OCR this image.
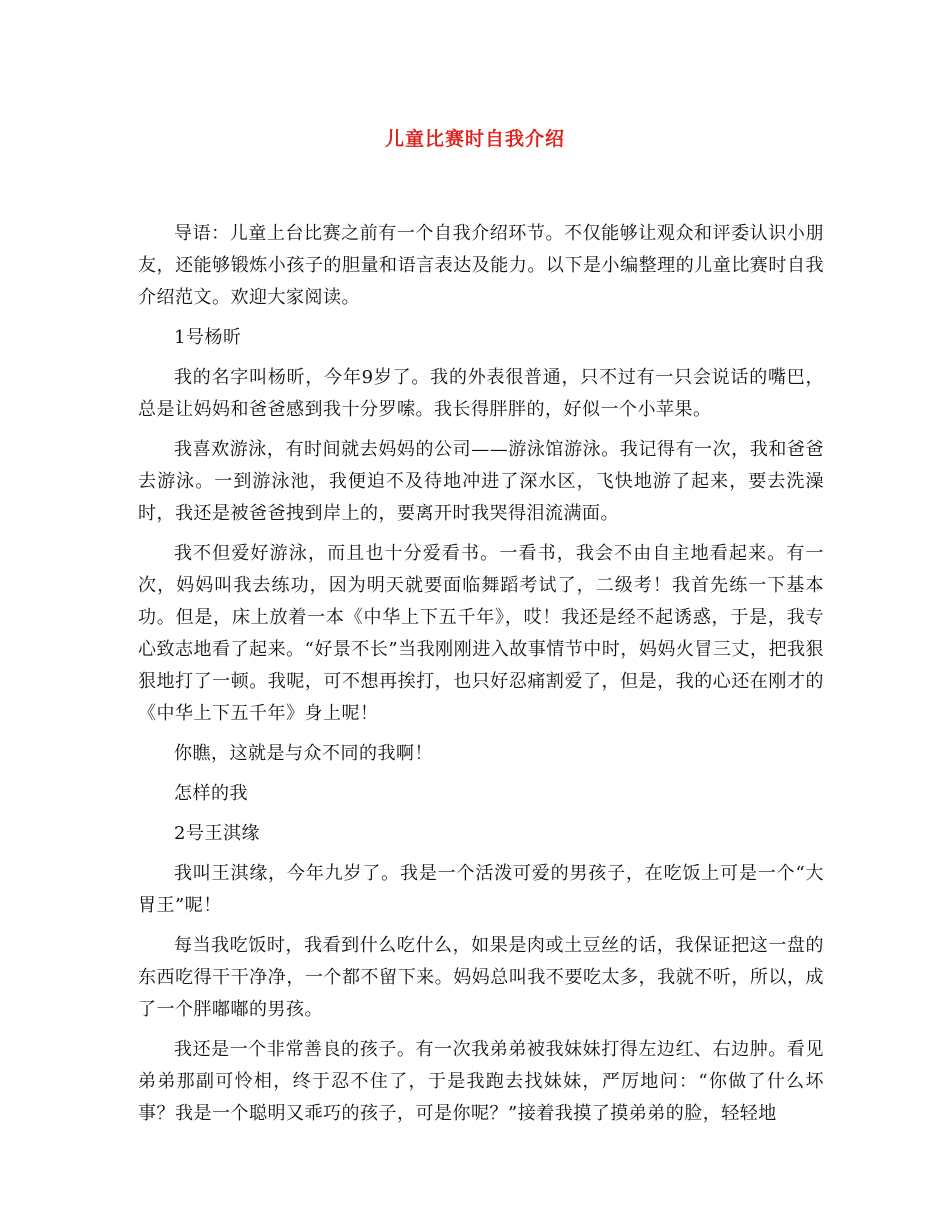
儿童比赛时自我介绍

导语：儿童上台比赛之前有一个自我介绍环节。不仅能够让观众和评委认识小朋友，还能够锻炼小孩子的胆量和语言表达及能力。以下是小编整理的儿童比赛时自我介绍范文。欢迎大家阅读。

1号杨昕

我的名字叫杨昕，今年9岁了。我的外表很普通，只不过有一只会说话的嘴巴，总是让妈妈和爸爸感到我十分罗嗦。我长得胖胖的，好似一个小苹果。

我喜欢游泳，有时间就去妈妈的公司——游泳馆游泳。我记得有一次，我和爸爸去游泳。一到游泳池，我便迫不及待地冲进了深水区，飞快地游了起来，要去洗澡时，我还是被爸爸拽到岸上的，要离开时我哭得泪流满面。

我不但爱好游泳，而且也十分爱看书。一看书，我会不由自主地看起来。有一次，妈妈叫我去练功，因为明天就要面临舞蹈考试了，二级考！我首先练一下基本功。但是，床上放着一本《中华上下五千年》，哎！我还是经不起诱惑，于是，我专心致志地看了起来。“好景不长”当我刚刚进入故事情节中时，妈妈火冒三丈，把我狠狠地打了一顿。我呢，可不想再挨打，也只好忍痛割爱了，但是，我的心还在刚才的《中华上下五千年》身上呢！

你瞧，这就是与众不同的我啊！

怎样的我

2号王淇缘

我叫王淇缘，今年九岁了。我是一个活泼可爱的男孩子，在吃饭上可是一个“大胃王”呢！

每当我吃饭时，我看到什么吃什么，如果是肉或土豆丝的话，我保证把这一盘的东西吃得干干净净，一个都不留下来。妈妈总叫我不要吃太多，我就不听，所以，成了一个胖嘟嘟的男孩。

我还是一个非常善良的孩子。有一次我弟弟被我妹妹打得左边红、右边肿。看见弟弟那副可怜相，终于忍不住了，于是我跑去找妹妹，严厉地问：“你做了什么坏事？我是一个聪明又乖巧的孩子，可是你呢？”接着我摸了摸弟弟的脸，轻轻地
